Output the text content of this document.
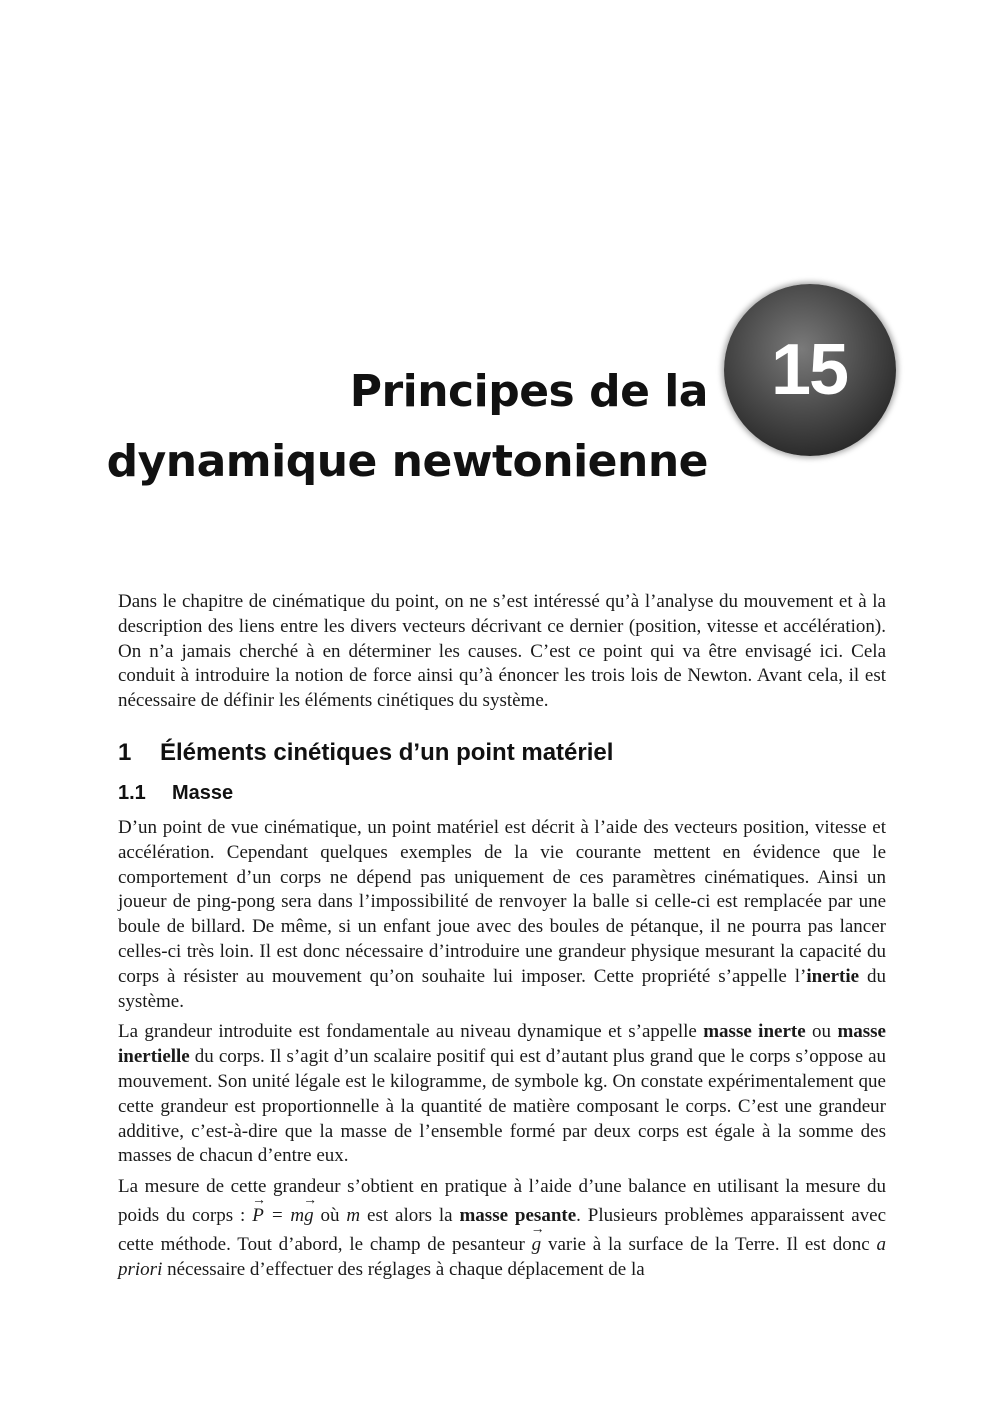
Principes de la
dynamique newtonienne
15

Dans le chapitre de cinématique du point, on ne s’est intéressé qu’à l’analyse du mouvement et à la description des liens entre les divers vecteurs décrivant ce dernier (position, vitesse et accélération). On n’a jamais cherché à en déterminer les causes. C’est ce point qui va être envisagé ici. Cela conduit à introduire la notion de force ainsi qu’à énoncer les trois lois de Newton. Avant cela, il est nécessaire de définir les éléments cinétiques du système.

1 Éléments cinétiques d’un point matériel
1.1 Masse

D’un point de vue cinématique, un point matériel est décrit à l’aide des vecteurs position, vitesse et accélération. Cependant quelques exemples de la vie courante mettent en évidence que le comportement d’un corps ne dépend pas uniquement de ces paramètres cinématiques. Ainsi un joueur de ping-pong sera dans l’impossibilité de renvoyer la balle si celle-ci est remplacée par une boule de billard. De même, si un enfant joue avec des boules de pétanque, il ne pourra pas lancer celles-ci très loin. Il est donc nécessaire d’introduire une grandeur physique mesurant la capacité du corps à résister au mouvement qu’on souhaite lui imposer. Cette propriété s’appelle l’inertie du système.

La grandeur introduite est fondamentale au niveau dynamique et s’appelle masse inerte ou masse inertielle du corps. Il s’agit d’un scalaire positif qui est d’autant plus grand que le corps s’oppose au mouvement. Son unité légale est le kilogramme, de symbole kg. On constate expérimentalement que cette grandeur est proportionnelle à la quantité de matière composant le corps. C’est une grandeur additive, c’est-à-dire que la masse de l’ensemble formé par deux corps est égale à la somme des masses de chacun d’entre eux.

La mesure de cette grandeur s’obtient en pratique à l’aide d’une balance en utilisant la mesure du poids du corps :
→
P = m
→
g où m est alors la masse pesante. Plusieurs problèmes apparaissent avec cette méthode. Tout d’abord, le champ de pesanteur
→
g varie à la surface de la Terre. Il est donc a priori nécessaire d’effectuer des réglages à chaque déplacement de la
